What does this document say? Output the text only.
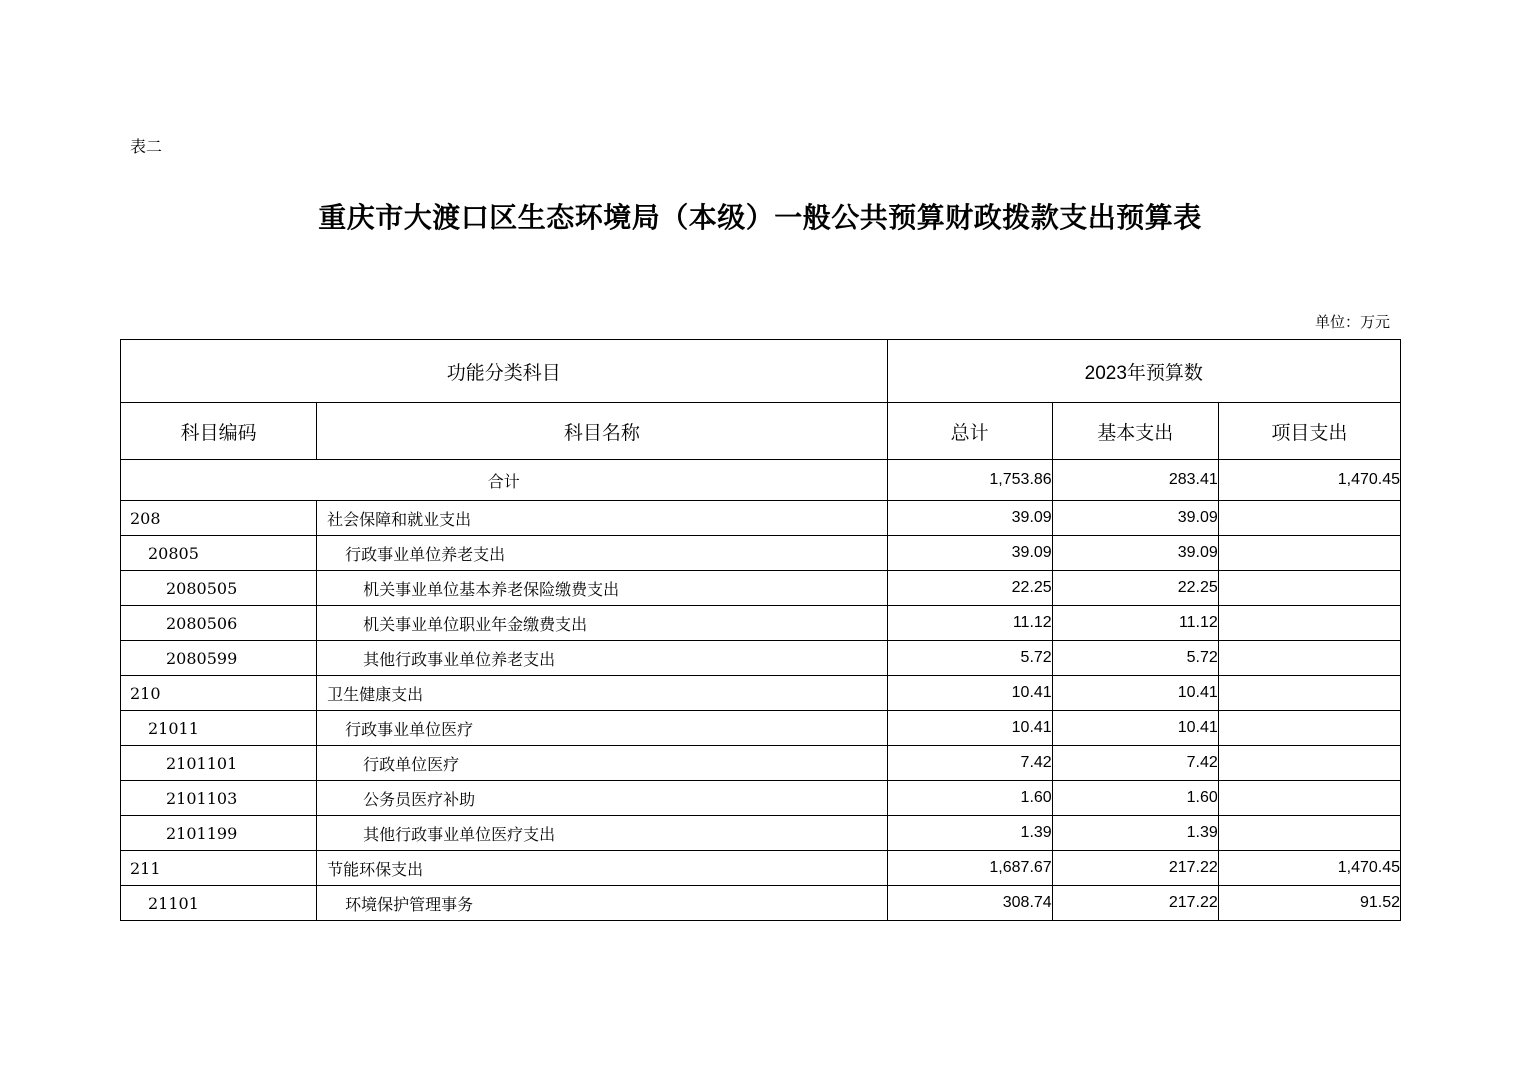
表二
重庆市大渡口区生态环境局（本级）一般公共预算财政拨款支出预算表
单位：万元
功能分类科目		2023年预算数		
科目编码	科目名称	总计	基本支出	项目支出
合计		1,753.86	283.41	1,470.45
208	社会保障和就业支出	39.09	39.09	
20805	行政事业单位养老支出	39.09	39.09	
2080505	机关事业单位基本养老保险缴费支出	22.25	22.25	
2080506	机关事业单位职业年金缴费支出	11.12	11.12	
2080599	其他行政事业单位养老支出	5.72	5.72	
210	卫生健康支出	10.41	10.41	
21011	行政事业单位医疗	10.41	10.41	
2101101	行政单位医疗	7.42	7.42	
2101103	公务员医疗补助	1.60	1.60	
2101199	其他行政事业单位医疗支出	1.39	1.39	
211	节能环保支出	1,687.67	217.22	1,470.45
21101	环境保护管理事务	308.74	217.22	91.52
